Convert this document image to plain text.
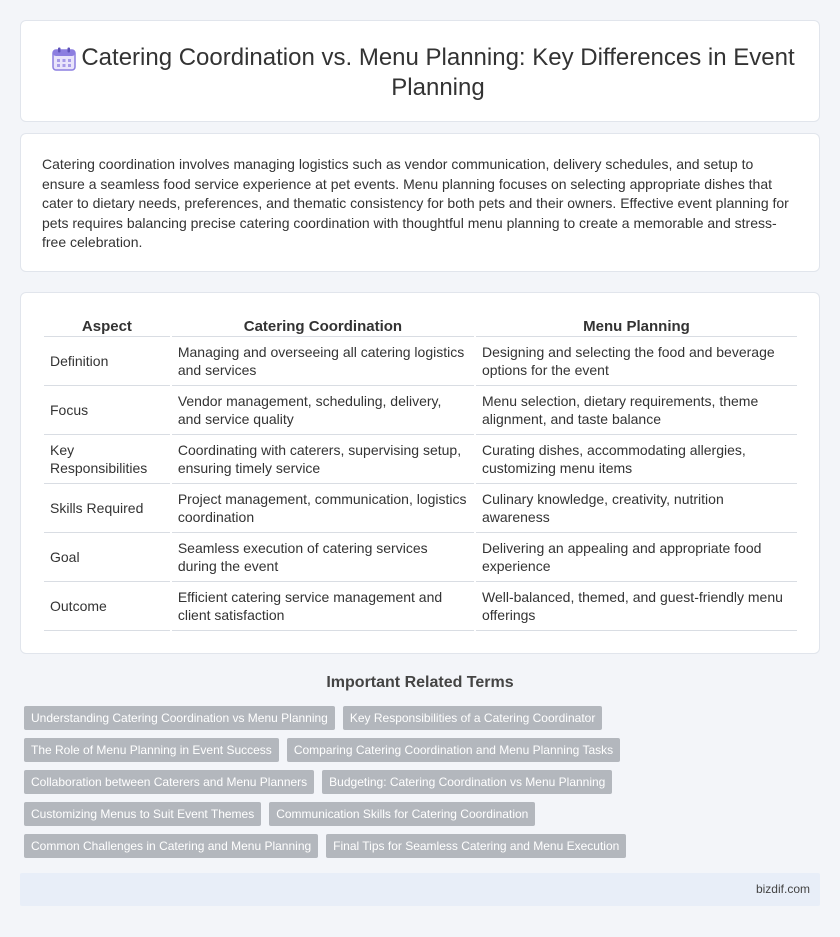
Catering Coordination vs. Menu Planning: Key Differences in Event Planning

Catering coordination involves managing logistics such as vendor communication, delivery schedules, and setup to ensure a seamless food service experience at pet events. Menu planning focuses on selecting appropriate dishes that cater to dietary needs, preferences, and thematic consistency for both pets and their owners. Effective event planning for pets requires balancing precise catering coordination with thoughtful menu planning to create a memorable and stress-free celebration.

Aspect	Catering Coordination	Menu Planning
Definition	Managing and overseeing all catering logistics and services	Designing and selecting the food and beverage options for the event
Focus	Vendor management, scheduling, delivery, and service quality	Menu selection, dietary requirements, theme alignment, and taste balance
Key Responsibilities	Coordinating with caterers, supervising setup, ensuring timely service	Curating dishes, accommodating allergies, customizing menu items
Skills Required	Project management, communication, logistics coordination	Culinary knowledge, creativity, nutrition awareness
Goal	Seamless execution of catering services during the event	Delivering an appealing and appropriate food experience
Outcome	Efficient catering service management and client satisfaction	Well-balanced, themed, and guest-friendly menu offerings
Important Related Terms
Understanding Catering Coordination vs Menu Planning	Key Responsibilities of a Catering Coordinator
The Role of Menu Planning in Event Success	Comparing Catering Coordination and Menu Planning Tasks
Collaboration between Caterers and Menu Planners	Budgeting: Catering Coordination vs Menu Planning
Customizing Menus to Suit Event Themes	Communication Skills for Catering Coordination
Common Challenges in Catering and Menu Planning	Final Tips for Seamless Catering and Menu Execution
bizdif.com
